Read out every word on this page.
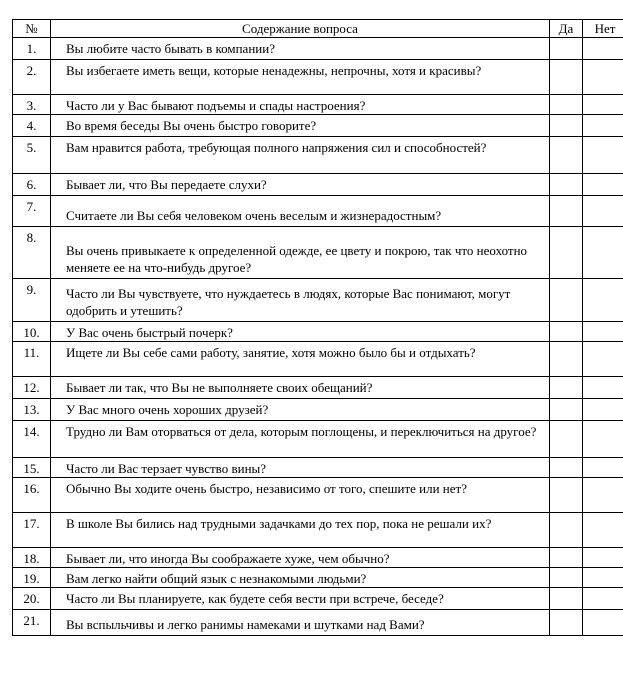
№	Содержание вопроса	Да	Нет
1.	Вы любите часто бывать в компании?		
2.	Вы избегаете иметь вещи, которые ненадежны, непрочны, хотя и красивы?		
3.	Часто ли у Вас бывают подъемы и спады настроения?		
4.	Во время беседы Вы очень быстро говорите?		
5.	Вам нравится работа, требующая полного напряжения сил и способностей?		
6.	Бывает ли, что Вы передаете слухи?		
7.	Считаете ли Вы себя человеком очень веселым и жизнерадостным?		
8.	Вы очень привыкаете к определенной одежде, ее цвету и покрою, так что неохотно меняете ее на что-нибудь другое?		
9.	Часто ли Вы чувствуете, что нуждаетесь в людях, которые Вас понимают, могут одобрить и утешить?		
10.	У Вас очень быстрый почерк?		
11.	Ищете ли Вы себе сами работу, занятие, хотя можно было бы и отдыхать?		
12.	Бывает ли так, что Вы не выполняете своих обещаний?		
13.	У Вас много очень хороших друзей?		
14.	Трудно ли Вам оторваться от дела, которым поглощены, и переключиться на другое?		
15.	Часто ли Вас терзает чувство вины?		
16.	Обычно Вы ходите очень быстро, независимо от того, спешите или нет?		
17.	В школе Вы бились над трудными задачками до тех пор, пока не решали их?		
18.	Бывает ли, что иногда Вы соображаете хуже, чем обычно?		
19.	Вам легко найти общий язык с незнакомыми людьми?		
20.	Часто ли Вы планируете, как будете себя вести при встрече, беседе?		
21.	Вы вспыльчивы и легко ранимы намеками и шутками над Вами?		
